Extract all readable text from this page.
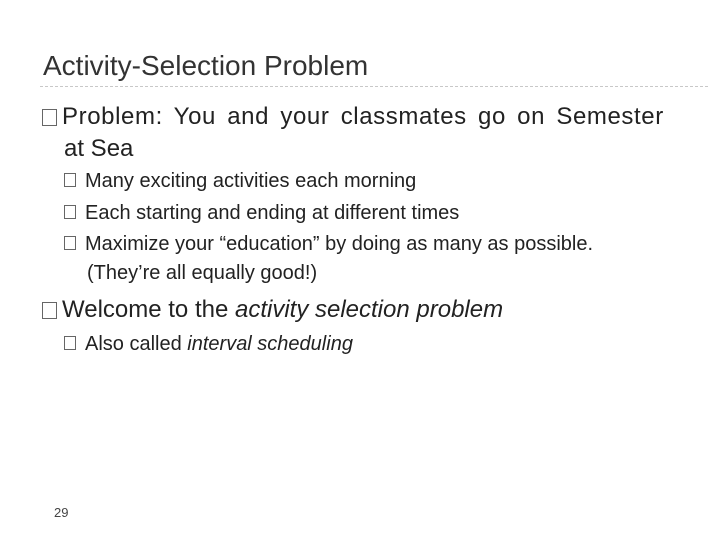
Activity-Selection Problem
Problem: You and your classmates go on Semester
at Sea
Many exciting activities each morning
Each starting and ending at different times
Maximize your “education” by doing as many as possible.
(They’re all equally good!)
Welcome to the activity selection problem
Also called interval scheduling
29
